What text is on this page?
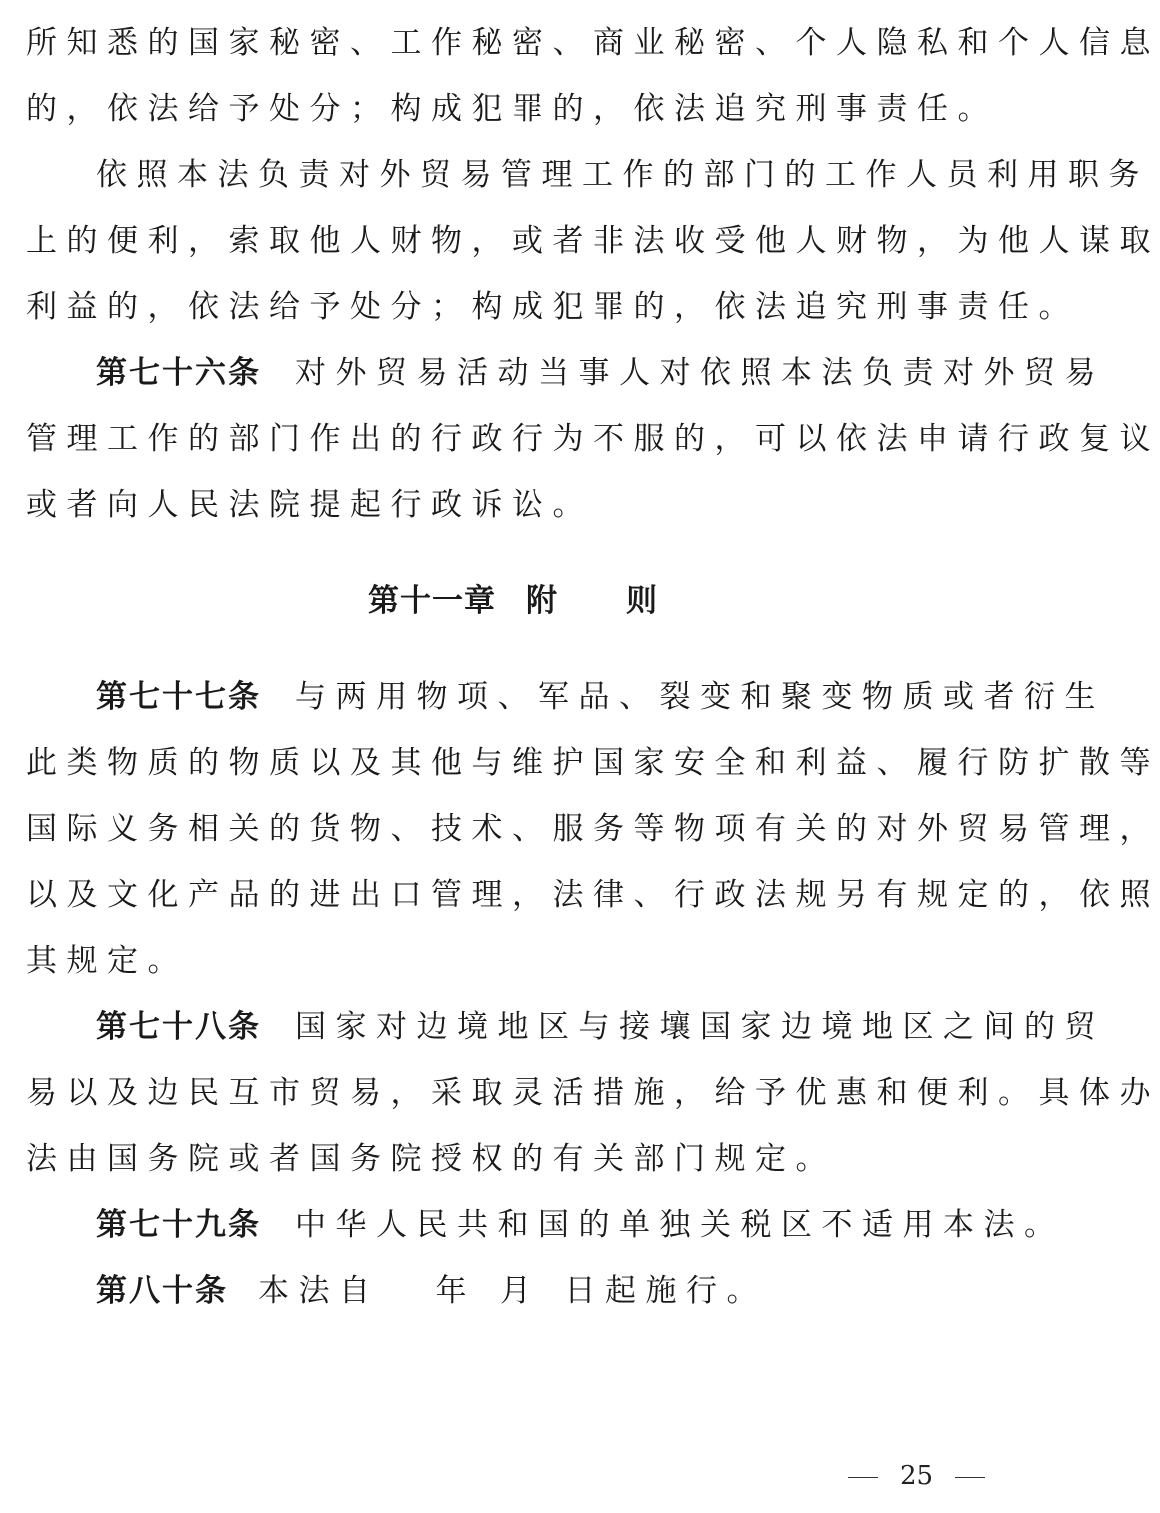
所知悉的国家秘密、工作秘密、商业秘密、个人隐私和个人信息
的，依法给予处分；构成犯罪的，依法追究刑事责任。
依照本法负责对外贸易管理工作的部门的工作人员利用职务
上的便利，索取他人财物，或者非法收受他人财物，为他人谋取
利益的，依法给予处分；构成犯罪的，依法追究刑事责任。
第七十六条 对外贸易活动当事人对依照本法负责对外贸易
管理工作的部门作出的行政行为不服的，可以依法申请行政复议
或者向人民法院提起行政诉讼。
第十一章 附 则
第七十七条 与两用物项、军品、裂变和聚变物质或者衍生
此类物质的物质以及其他与维护国家安全和利益、履行防扩散等
国际义务相关的货物、技术、服务等物项有关的对外贸易管理，
以及文化产品的进出口管理，法律、行政法规另有规定的，依照
其规定。
第七十八条 国家对边境地区与接壤国家边境地区之间的贸
易以及边民互市贸易，采取灵活措施，给予优惠和便利。具体办
法由国务院或者国务院授权的有关部门规定。
第七十九条 中华人民共和国的单独关税区不适用本法。
第八十条 本法自 年 月 日起施行。
25
